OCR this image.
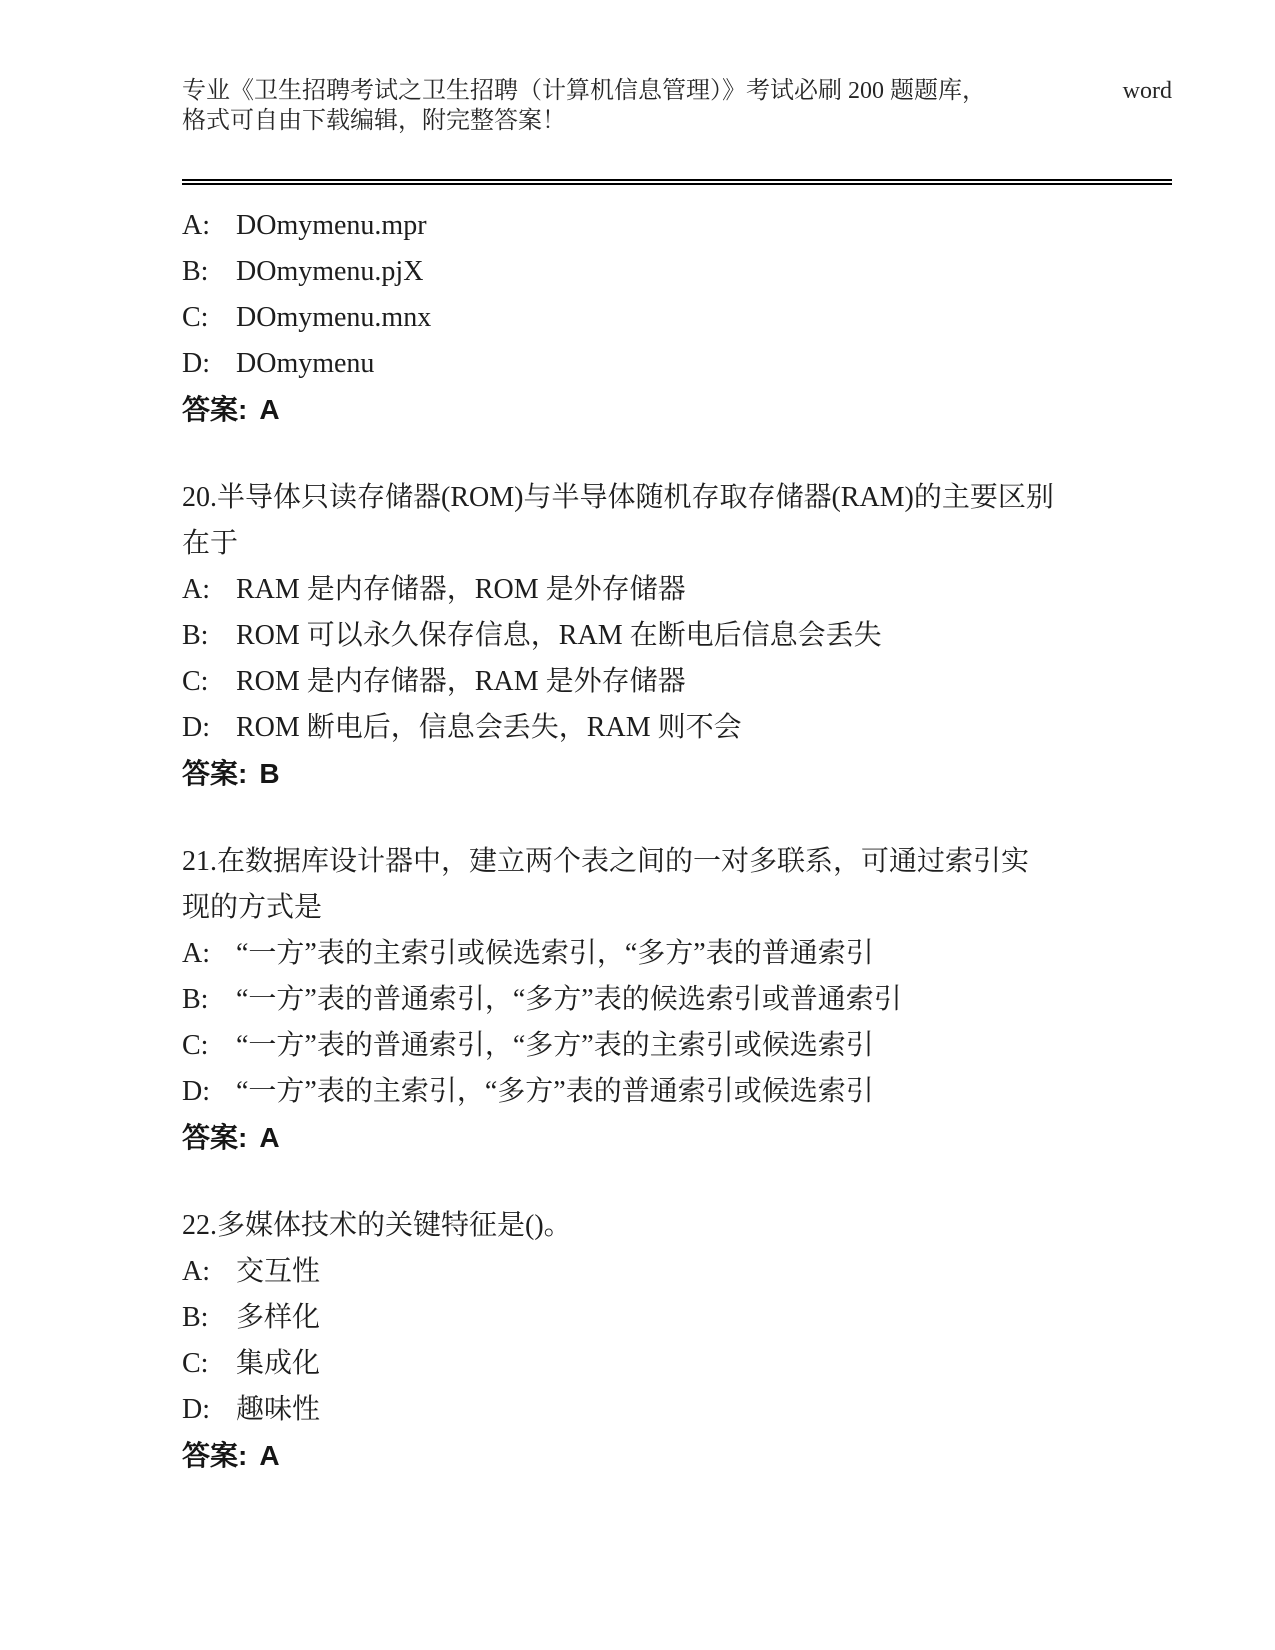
专业《卫生招聘考试之卫生招聘（计算机信息管理）》考试必刷 200 题题库，	word
格式可自由下载编辑，附完整答案！
A: DOmymenu.mpr
B: DOmymenu.pjX
C: DOmymenu.mnx
D: DOmymenu
答案: A
20.半导体只读存储器(ROM)与半导体随机存取存储器(RAM)的主要区别
在于
A: RAM 是内存储器，ROM 是外存储器
B: ROM 可以永久保存信息，RAM 在断电后信息会丢失
C: ROM 是内存储器，RAM 是外存储器
D: ROM 断电后，信息会丢失，RAM 则不会
答案: B
21.在数据库设计器中，建立两个表之间的一对多联系，可通过索引实
现的方式是
A: “一方”表的主索引或候选索引，“多方”表的普通索引
B: “一方”表的普通索引，“多方”表的候选索引或普通索引
C: “一方”表的普通索引，“多方”表的主索引或候选索引
D: “一方”表的主索引，“多方”表的普通索引或候选索引
答案: A
22.多媒体技术的关键特征是()。
A: 交互性
B: 多样化
C: 集成化
D: 趣味性
答案: A
